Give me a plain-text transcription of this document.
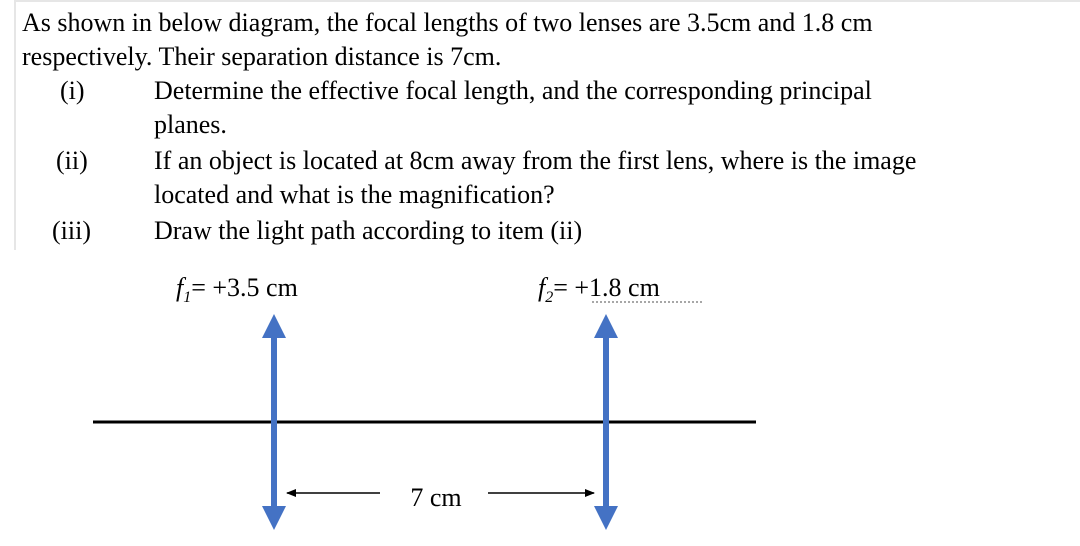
As shown in below diagram, the focal lengths of two lenses are 3.5cm and 1.8 cm
respectively. Their separation distance is 7cm.
(i)	Determine the effective focal length, and the corresponding principal
planes.
(ii)	If an object is located at 8cm away from the first lens, where is the image
located and what is the magnification?
(iii) Draw the light path according to item (ii)
$f_1= +3.5$ cm	$f_2= +1.8$ cm
7 cm
